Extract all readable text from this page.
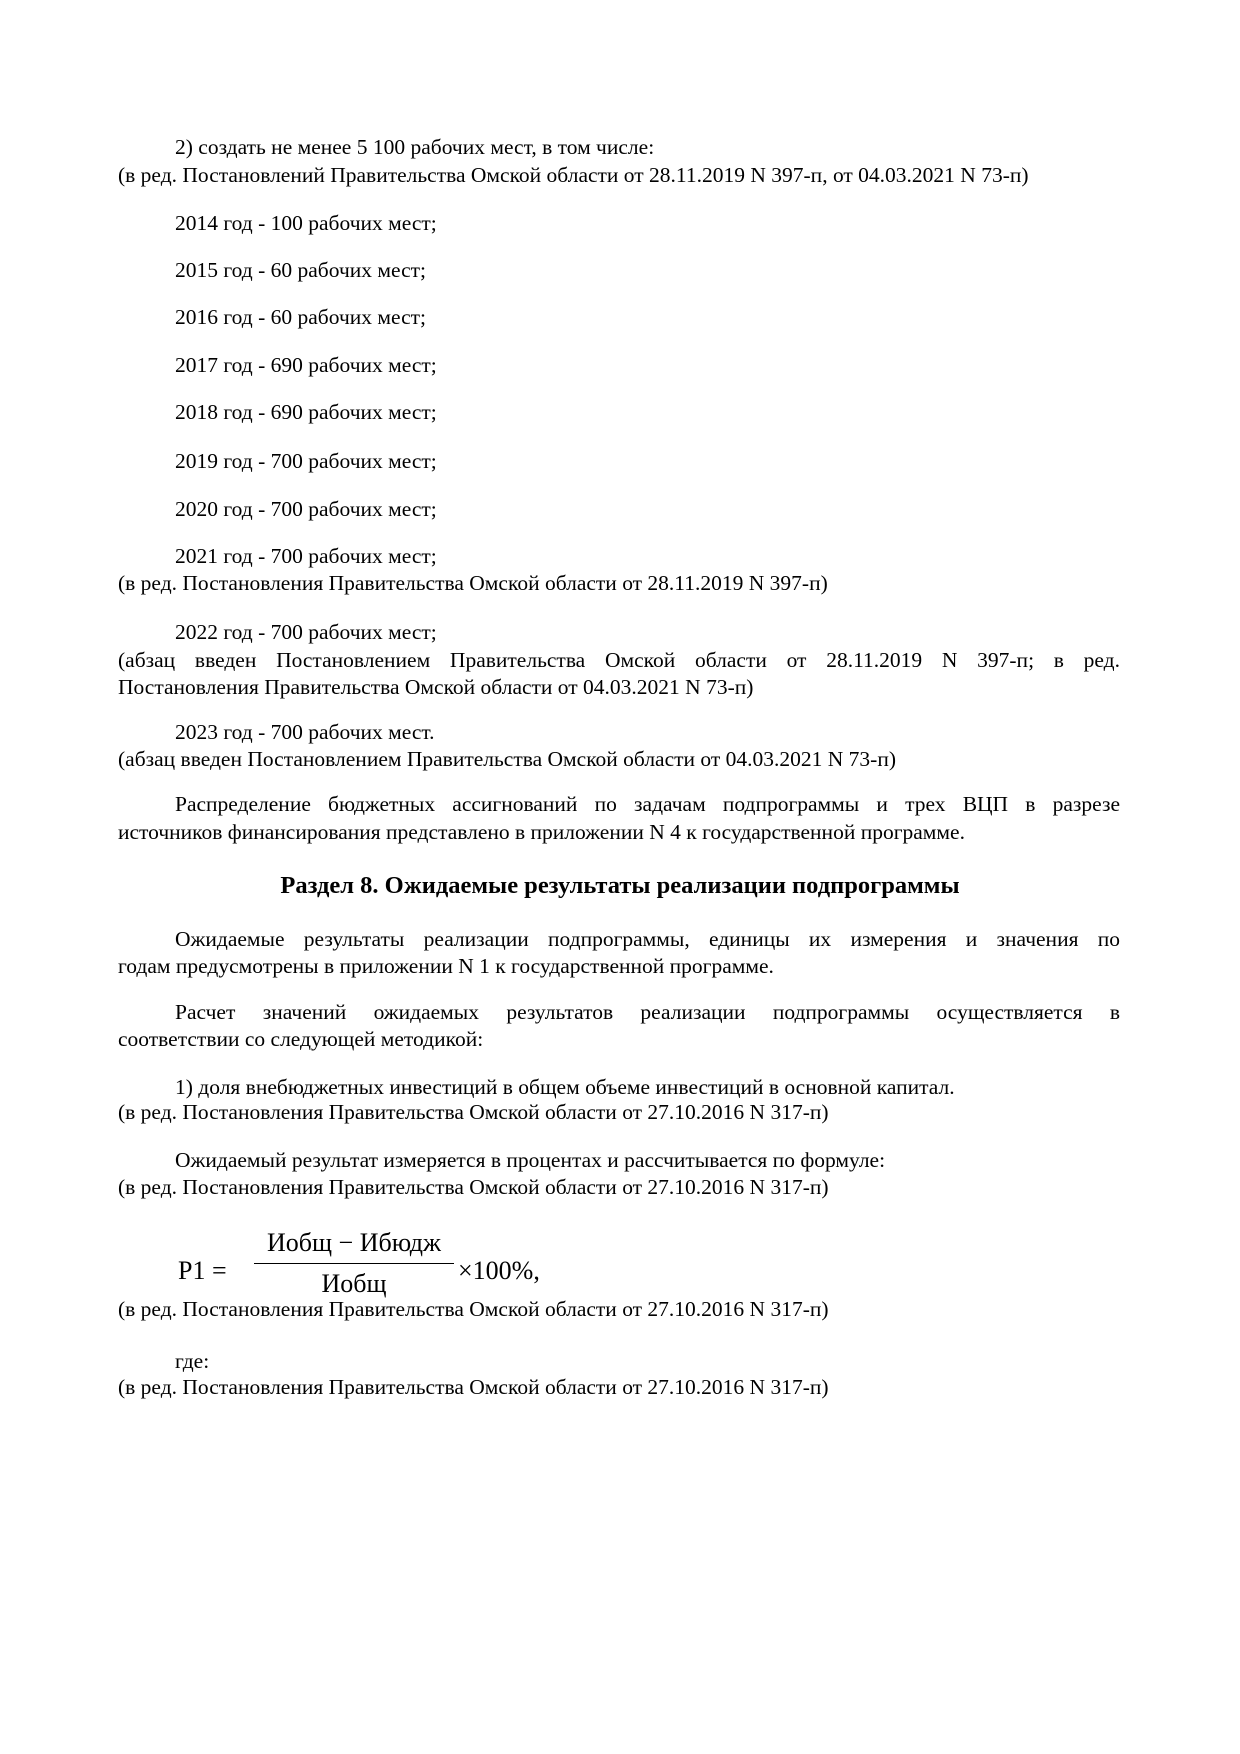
2) создать не менее 5 100 рабочих мест, в том числе:
(в ред. Постановлений Правительства Омской области от 28.11.2019 N 397-п, от 04.03.2021 N 73-п)
2014 год - 100 рабочих мест;
2015 год - 60 рабочих мест;
2016 год - 60 рабочих мест;
2017 год - 690 рабочих мест;
2018 год - 690 рабочих мест;
2019 год - 700 рабочих мест;
2020 год - 700 рабочих мест;
2021 год - 700 рабочих мест;
(в ред. Постановления Правительства Омской области от 28.11.2019 N 397-п)
2022 год - 700 рабочих мест;
(абзац введен Постановлением Правительства Омской области от 28.11.2019 N 397-п; в ред.
Постановления Правительства Омской области от 04.03.2021 N 73-п)
2023 год - 700 рабочих мест.
(абзац введен Постановлением Правительства Омской области от 04.03.2021 N 73-п)
Распределение бюджетных ассигнований по задачам подпрограммы и трех ВЦП в разрезе
источников финансирования представлено в приложении N 4 к государственной программе.
Раздел 8. Ожидаемые результаты реализации подпрограммы
Ожидаемые результаты реализации подпрограммы, единицы их измерения и значения по
годам предусмотрены в приложении N 1 к государственной программе.
Расчет значений ожидаемых результатов реализации подпрограммы осуществляется в
соответствии со следующей методикой:
1) доля внебюджетных инвестиций в общем объеме инвестиций в основной капитал.
(в ред. Постановления Правительства Омской области от 27.10.2016 N 317-п)
Ожидаемый результат измеряется в процентах и рассчитывается по формуле:
(в ред. Постановления Правительства Омской области от 27.10.2016 N 317-п)
P1 =
Иобщ − Ибюдж
Иобщ	×100%,
(в ред. Постановления Правительства Омской области от 27.10.2016 N 317-п)
где:
(в ред. Постановления Правительства Омской области от 27.10.2016 N 317-п)
